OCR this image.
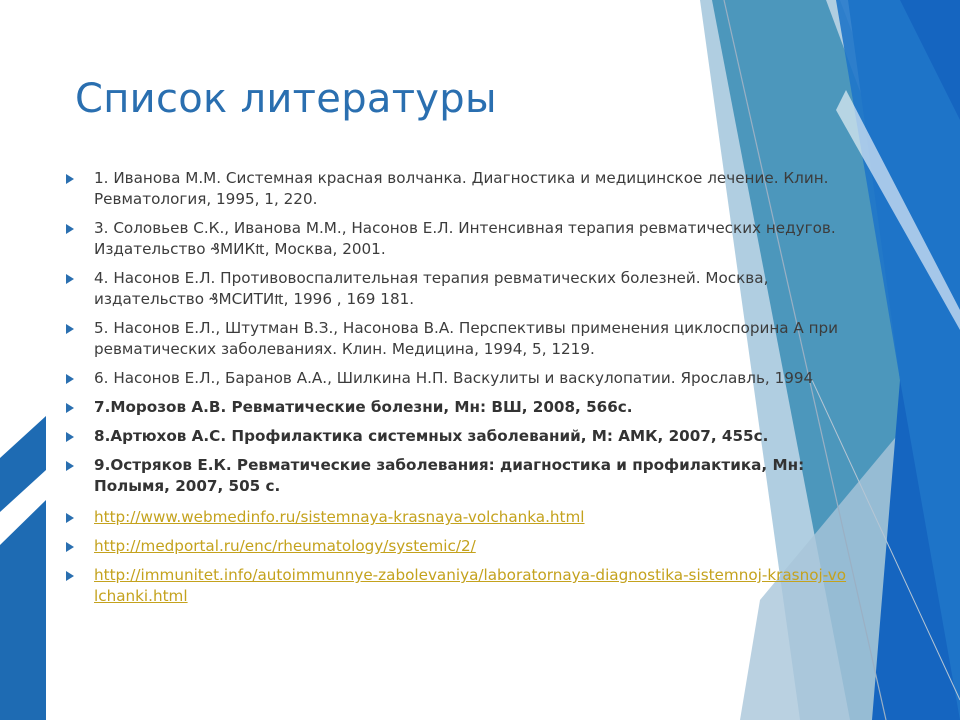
Список литературы
1. Иванова М.М. Системная красная волчанка. Диагностика и медицинское лечение. Клин. Ревматология, 1995, 1, 220.
3. Соловьев С.К., Иванова М.М., Насонов Е.Л. Интенсивная терапия ревматических недугов. Издательство ₰МИК₶, Москва, 2001.
4. Насонов Е.Л. Противовоспалительная терапия ревматических болезней. Москва, издательство ₰МСИТИ₶, 1996 , 169 181.
5. Насонов Е.Л., Штутман В.З., Насонова В.А. Перспективы применения циклоспорина А при ревматических заболеваниях. Клин. Медицина, 1994, 5, 1219.
6. Насонов Е.Л., Баранов А.А., Шилкина Н.П. Васкулиты и васкулопатии. Ярославль, 1994
7.Морозов А.В. Ревматические болезни, Мн: ВШ, 2008, 566с.
8.Артюхов А.С. Профилактика системных заболеваний, М: АМК, 2007, 455с.
9.Остряков Е.К. Ревматические заболевания: диагностика и профилактика, Мн: Полымя, 2007, 505 с.
http://www.webmedinfo.ru/sistemnaya-krasnaya-volchanka.html
http://medportal.ru/enc/rheumatology/systemic/2/
http://immunitet.info/autoimmunnye-zabolevaniya/laboratornaya-diagnostika-sistemnoj-krasnoj-volchanki.html
